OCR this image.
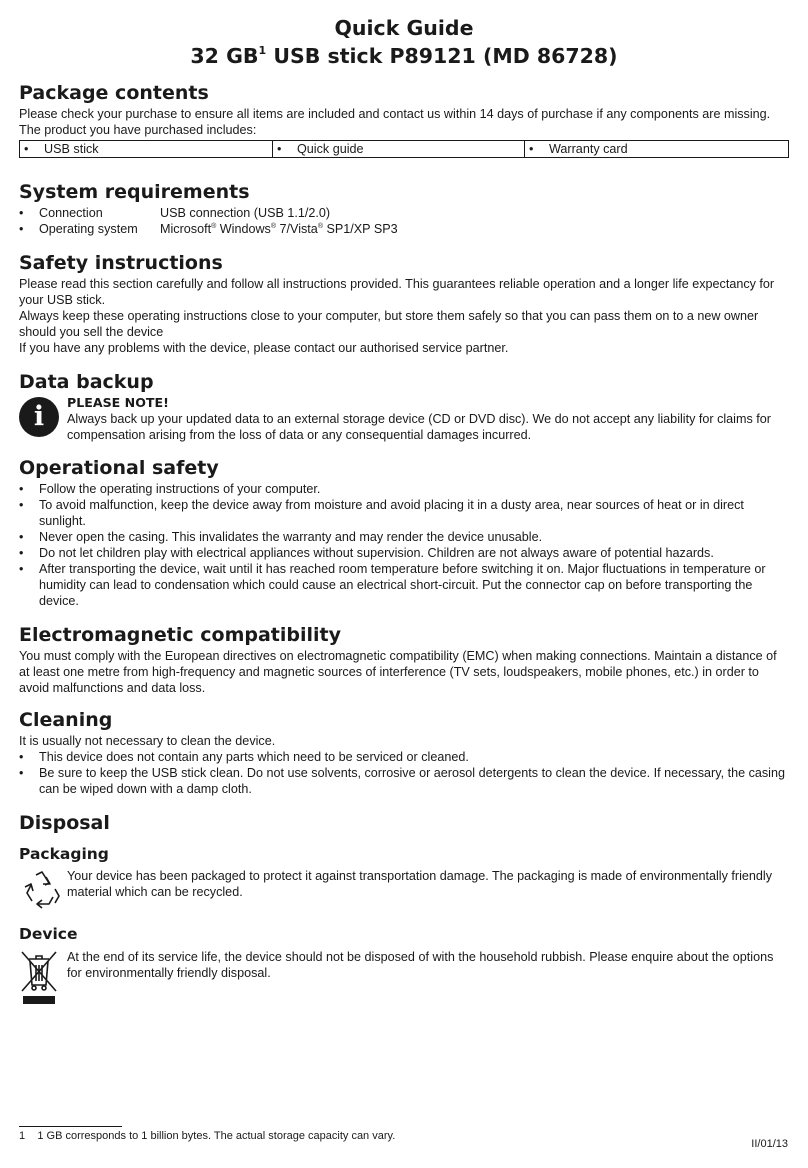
Quick Guide
32 $GB^1$ USB stick P89121 (MD 86728)
Package contents

Please check your purchase to ensure all items are included and contact us within 14 days of purchase if any components are missing. The product you have purchased includes:

• USB stick	• Quick guide	• Warranty card
System requirements
• Connection	USB connection (USB 1.1/2.0)
• Operating system	Microsoft® Windows® 7/Vista® SP1/XP SP3
Safety instructions

Please read this section carefully and follow all instructions provided. This guarantees reliable operation and a longer life expectancy for your USB stick.

Always keep these operating instructions close to your computer, but store them safely so that you can pass them on to a new owner should you sell the device

If you have any problems with the device, please contact our authorised service partner.

Data backup
i	PLEASE NOTE!

Always back up your updated data to an external storage device (CD or DVD disc). We do not accept any liability for claims for compensation arising from the loss of data or any consequential damages incurred.

Operational safety
• Follow the operating instructions of your computer.
• To avoid malfunction, keep the device away from moisture and avoid placing it in a dusty area, near sources of heat or in direct sunlight.
• Never open the casing. This invalidates the warranty and may render the device unusable.
• Do not let children play with electrical appliances without supervision. Children are not always aware of potential hazards.
• After transporting the device, wait until it has reached room temperature before switching it on. Major fluctuations in temperature or humidity can lead to condensation which could cause an electrical short-circuit. Put the connector cap on before transporting the device.
Electromagnetic compatibility

You must comply with the European directives on electromagnetic compatibility (EMC) when making connections. Maintain a distance of at least one metre from high-frequency and magnetic sources of interference (TV sets, loudspeakers, mobile phones, etc.) in order to avoid malfunctions and data loss.

Cleaning

It is usually not necessary to clean the device.

• This device does not contain any parts which need to be serviced or cleaned.
• Be sure to keep the USB stick clean. Do not use solvents, corrosive or aerosol detergents to clean the device. If necessary, the casing can be wiped down with a damp cloth.
Disposal
Packaging

Your device has been packaged to protect it against transportation damage. The packaging is made of environmentally friendly material which can be recycled.

Device

At the end of its service life, the device should not be disposed of with the household rubbish. Please enquire about the options for environmentally friendly disposal.

1 1 GB corresponds to 1 billion bytes. The actual storage capacity can vary.
II/01/13
